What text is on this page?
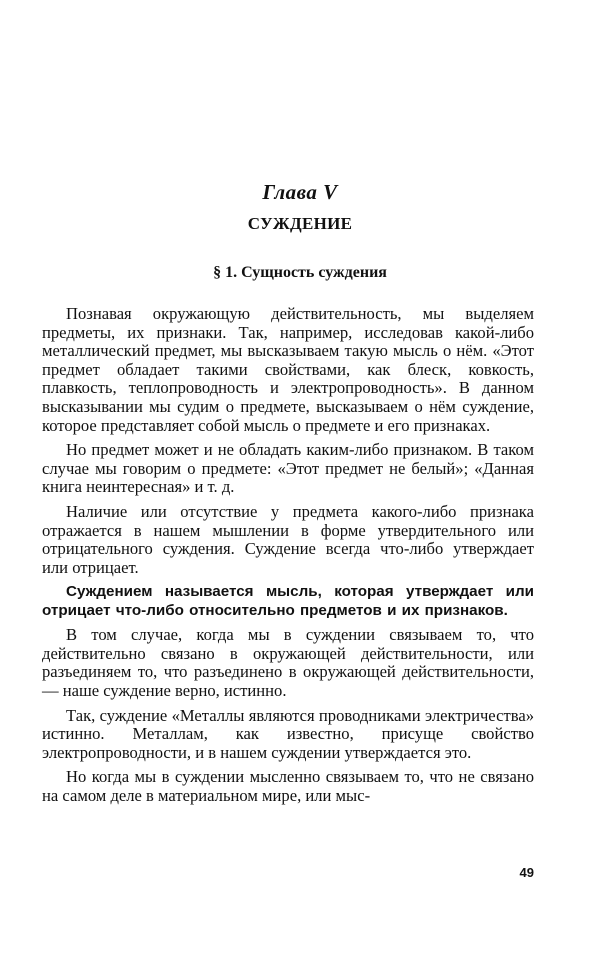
Глава V
СУЖДЕНИЕ
§ 1. Сущность суждения

Познавая окружающую действительность, мы выделяем предметы, их признаки. Так, например, исследовав какой-либо металлический предмет, мы высказываем такую мысль о нём. «Этот предмет обладает такими свойствами, как блеск, ковкость, плавкость, теплопроводность и электропроводность». В данном высказывании мы судим о предмете, высказываем о нём суждение, которое представляет собой мысль о предмете и его признаках.

Но предмет может и не обладать каким-либо признаком. В таком случае мы говорим о предмете: «Этот предмет не белый»; «Данная книга неинтересная» и т. д.

Наличие или отсутствие у предмета какого-либо признака отражается в нашем мышлении в форме утвердительного или отрицательного суждения. Суждение всегда что-либо утверждает или отрицает.

Суждением называется мысль, которая утверждает или отрицает что-либо относительно предметов и их признаков.

В том случае, когда мы в суждении связываем то, что действительно связано в окружающей действительности, или разъединяем то, что разъединено в окружающей действительности, — наше суждение верно, истинно.

Так, суждение «Металлы являются проводниками электричества» истинно. Металлам, как известно, присуще свойство электропроводности, и в нашем суждении утверждается это.

Но когда мы в суждении мысленно связываем то, что не связано на самом деле в материальном мире, или мыс-

49
